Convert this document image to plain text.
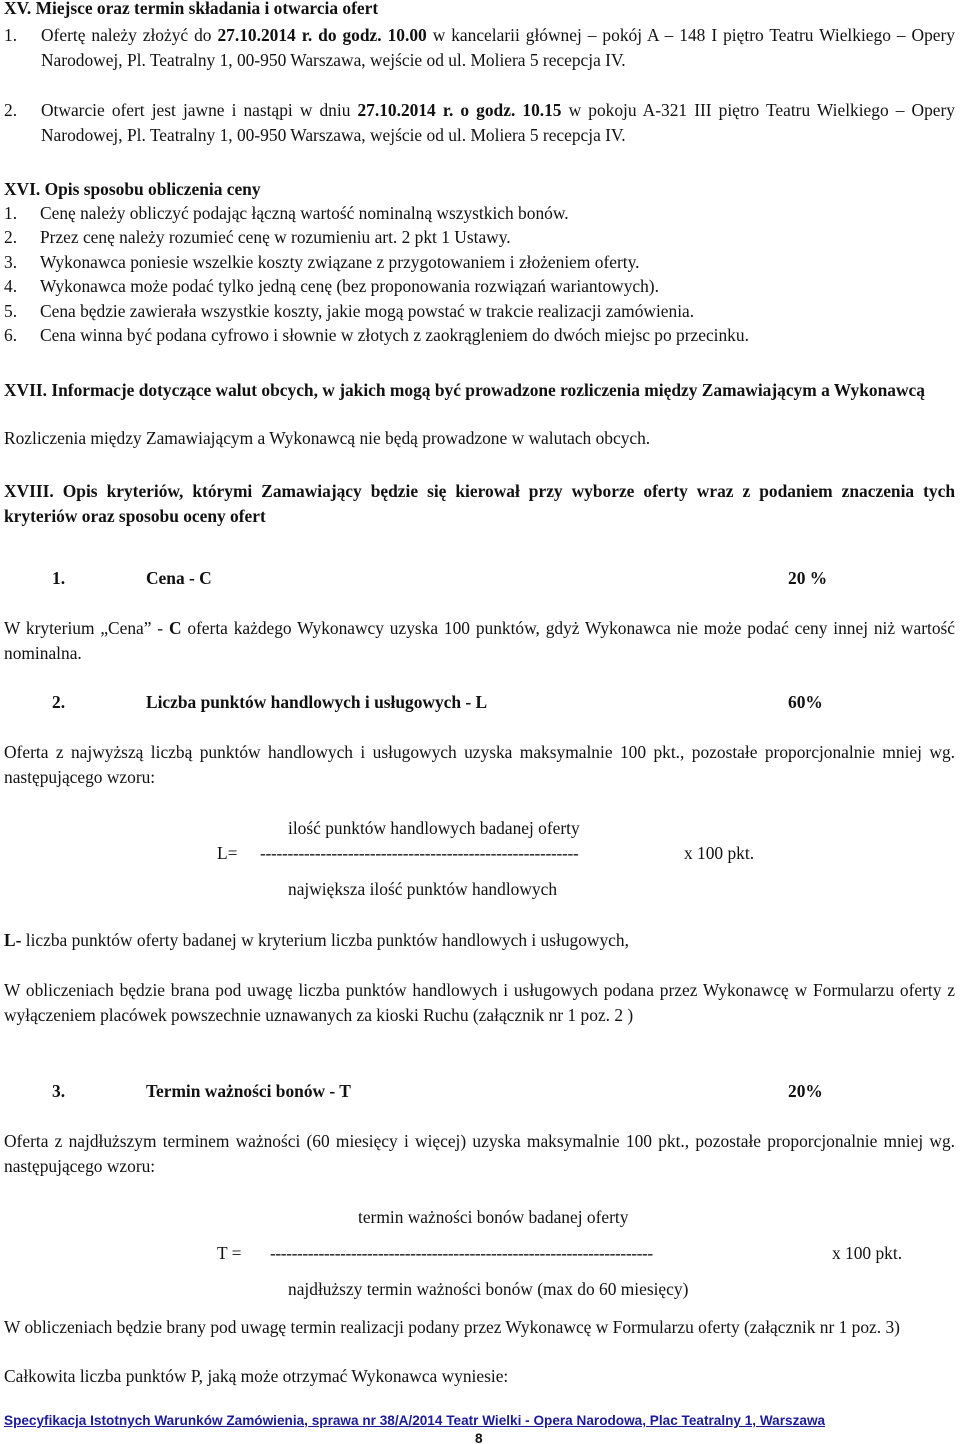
XV. Miejsce oraz termin składania i otwarcia ofert
1. Ofertę należy złożyć do 27.10.2014 r. do godz. 10.00 w kancelarii głównej – pokój A – 148 I piętro Teatru Wielkiego – Opery Narodowej, Pl. Teatralny 1, 00-950 Warszawa, wejście od ul. Moliera 5 recepcja IV.
2. Otwarcie ofert jest jawne i nastąpi w dniu 27.10.2014 r. o godz. 10.15 w pokoju A-321 III piętro Teatru Wielkiego – Opery Narodowej, Pl. Teatralny 1, 00-950 Warszawa, wejście od ul. Moliera 5 recepcja IV.
XVI. Opis sposobu obliczenia ceny
1. Cenę należy obliczyć podając łączną wartość nominalną wszystkich bonów.
2. Przez cenę należy rozumieć cenę w rozumieniu art. 2 pkt 1 Ustawy.
3. Wykonawca poniesie wszelkie koszty związane z przygotowaniem i złożeniem oferty.
4. Wykonawca może podać tylko jedną cenę (bez proponowania rozwiązań wariantowych).
5. Cena będzie zawierała wszystkie koszty, jakie mogą powstać w trakcie realizacji zamówienia.
6. Cena winna być podana cyfrowo i słownie w złotych z zaokrągleniem do dwóch miejsc po przecinku.
XVII. Informacje dotyczące walut obcych, w jakich mogą być prowadzone rozliczenia między Zamawiającym a Wykonawcą
Rozliczenia między Zamawiającym a Wykonawcą nie będą prowadzone w walutach obcych.
XVIII. Opis kryteriów, którymi Zamawiający będzie się kierował przy wyborze oferty wraz z podaniem znaczenia tych kryteriów oraz sposobu oceny ofert
1.	Cena - C	20 %
W kryterium „Cena” - C oferta każdego Wykonawcy uzyska 100 punktów, gdyż Wykonawca nie może podać ceny innej niż wartość nominalna.
2.	Liczba punktów handlowych i usługowych - L	60%
Oferta z najwyższą liczbą punktów handlowych i usługowych uzyska maksymalnie 100 pkt., pozostałe proporcjonalnie mniej wg. następującego wzoru:
ilość punktów handlowych badanej oferty
L= ----------------------------------------------------------	x 100 pkt.
największa ilość punktów handlowych
L- liczba punktów oferty badanej w kryterium liczba punktów handlowych i usługowych,
W obliczeniach będzie brana pod uwagę liczba punktów handlowych i usługowych podana przez Wykonawcę w Formularzu oferty z wyłączeniem placówek powszechnie uznawanych za kioski Ruchu (załącznik nr 1 poz. 2 )
3.	Termin ważności bonów - T	20%
Oferta z najdłuższym terminem ważności (60 miesięcy i więcej) uzyska maksymalnie 100 pkt., pozostałe proporcjonalnie mniej wg. następującego wzoru:
termin ważności bonów badanej oferty
T = -----------------------------------------------------------------------	x 100 pkt.
najdłuższy termin ważności bonów (max do 60 miesięcy)
W obliczeniach będzie brany pod uwagę termin realizacji podany przez Wykonawcę w Formularzu oferty (załącznik nr 1 poz. 3)
Całkowita liczba punktów P, jaką może otrzymać Wykonawca wyniesie:
Specyfikacja Istotnych Warunków Zamówienia, sprawa nr 38/A/2014 Teatr Wielki - Opera Narodowa, Plac Teatralny 1, Warszawa
8
